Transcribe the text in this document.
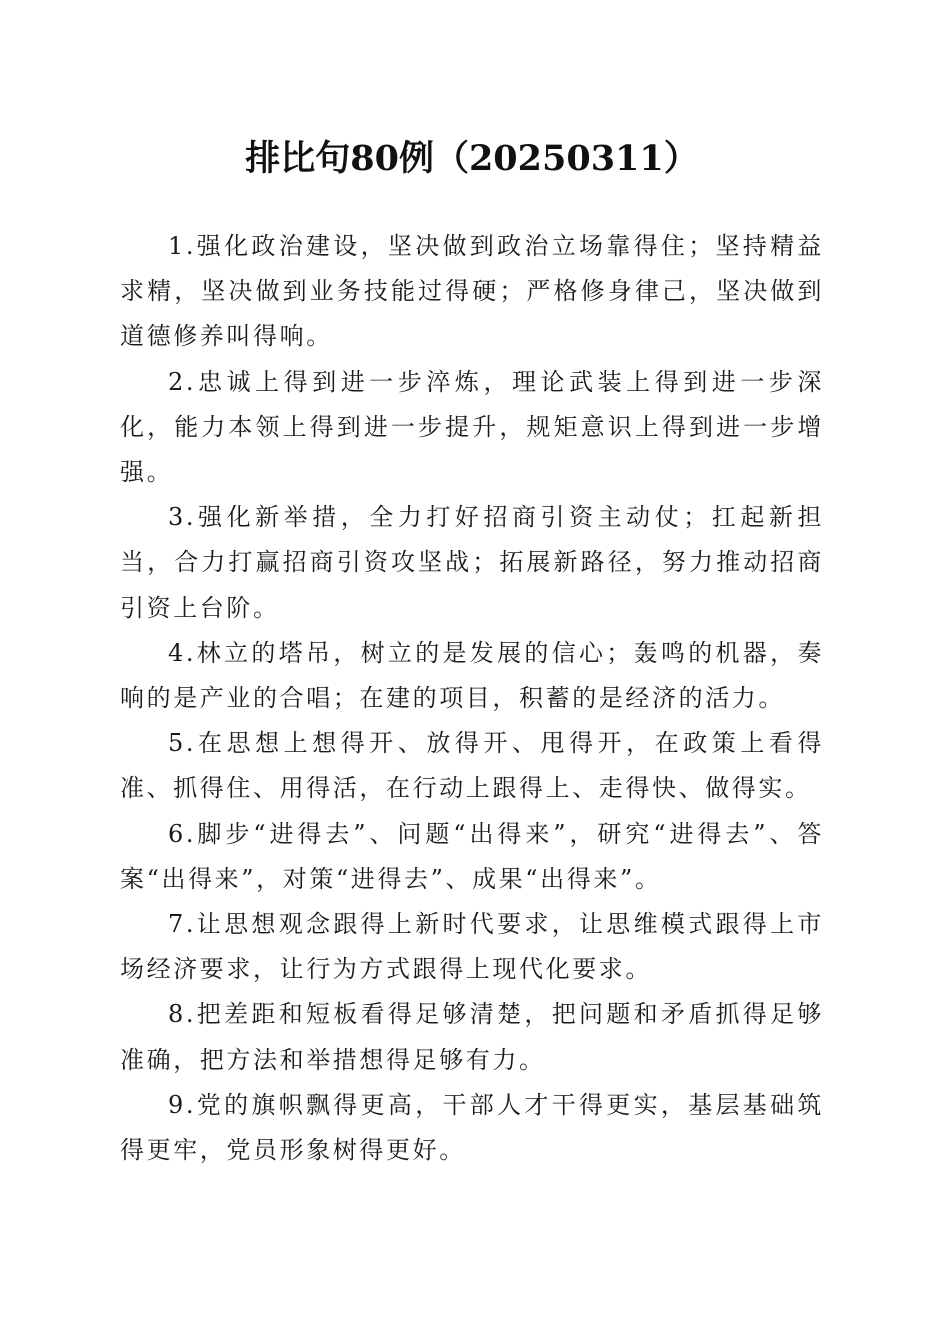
排比句80例（20250311）

1.强化政治建设，坚决做到政治立场靠得住；坚持精益求精，坚决做到业务技能过得硬；严格修身律己，坚决做到道德修养叫得响。

2.忠诚上得到进一步淬炼，理论武装上得到进一步深化，能力本领上得到进一步提升，规矩意识上得到进一步增强。

3.强化新举措，全力打好招商引资主动仗；扛起新担当，合力打赢招商引资攻坚战；拓展新路径，努力推动招商引资上台阶。

4.林立的塔吊，树立的是发展的信心；轰鸣的机器，奏响的是产业的合唱；在建的项目，积蓄的是经济的活力。

5.在思想上想得开、放得开、甩得开，在政策上看得准、抓得住、用得活，在行动上跟得上、走得快、做得实。

6.脚步“进得去”、问题“出得来”，研究“进得去”、答案“出得来”，对策“进得去”、成果“出得来”。

7.让思想观念跟得上新时代要求，让思维模式跟得上市场经济要求，让行为方式跟得上现代化要求。

8.把差距和短板看得足够清楚，把问题和矛盾抓得足够准确，把方法和举措想得足够有力。

9.党的旗帜飘得更高，干部人才干得更实，基层基础筑得更牢，党员形象树得更好。
